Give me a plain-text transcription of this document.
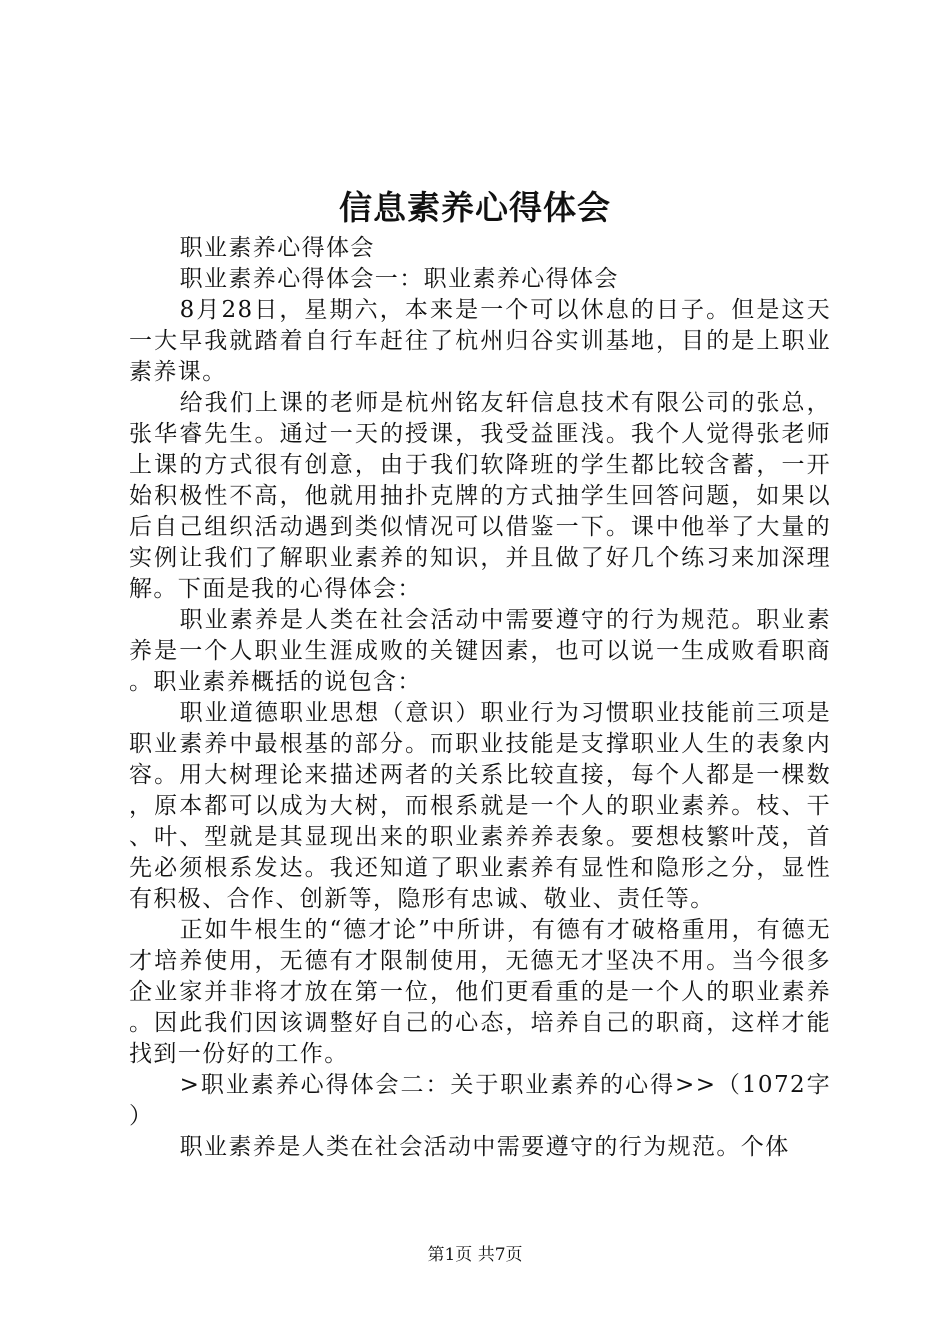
信息素养心得体会

职业素养心得体会

职业素养心得体会一：职业素养心得体会

8月28日，星期六，本来是一个可以休息的日子。但是这天一大早我就踏着自行车赶往了杭州归谷实训基地，目的是上职业素养课。

给我们上课的老师是杭州铭友轩信息技术有限公司的张总，张华睿先生。通过一天的授课，我受益匪浅。我个人觉得张老师上课的方式很有创意，由于我们软降班的学生都比较含蓄，一开始积极性不高，他就用抽扑克牌的方式抽学生回答问题，如果以后自己组织活动遇到类似情况可以借鉴一下。课中他举了大量的实例让我们了解职业素养的知识，并且做了好几个练习来加深理解。下面是我的心得体会：

职业素养是人类在社会活动中需要遵守的行为规范。职业素养是一个人职业生涯成败的关键因素，也可以说一生成败看职商。职业素养概括的说包含：

职业道德职业思想（意识）职业行为习惯职业技能前三项是职业素养中最根基的部分。而职业技能是支撑职业人生的表象内容。用大树理论来描述两者的关系比较直接，每个人都是一棵数，原本都可以成为大树，而根系就是一个人的职业素养。枝、干、叶、型就是其显现出来的职业素养养表象。要想枝繁叶茂，首先必须根系发达。我还知道了职业素养有显性和隐形之分，显性有积极、合作、创新等，隐形有忠诚、敬业、责任等。

正如牛根生的“德才论”中所讲，有德有才破格重用，有德无才培养使用，无德有才限制使用，无德无才坚决不用。当今很多企业家并非将才放在第一位，他们更看重的是一个人的职业素养。因此我们因该调整好自己的心态，培养自己的职商，这样才能找到一份好的工作。

>职业素养心得体会二：关于职业素养的心得>>（1072字）

职业素养是人类在社会活动中需要遵守的行为规范。个体

第1页 共7页
